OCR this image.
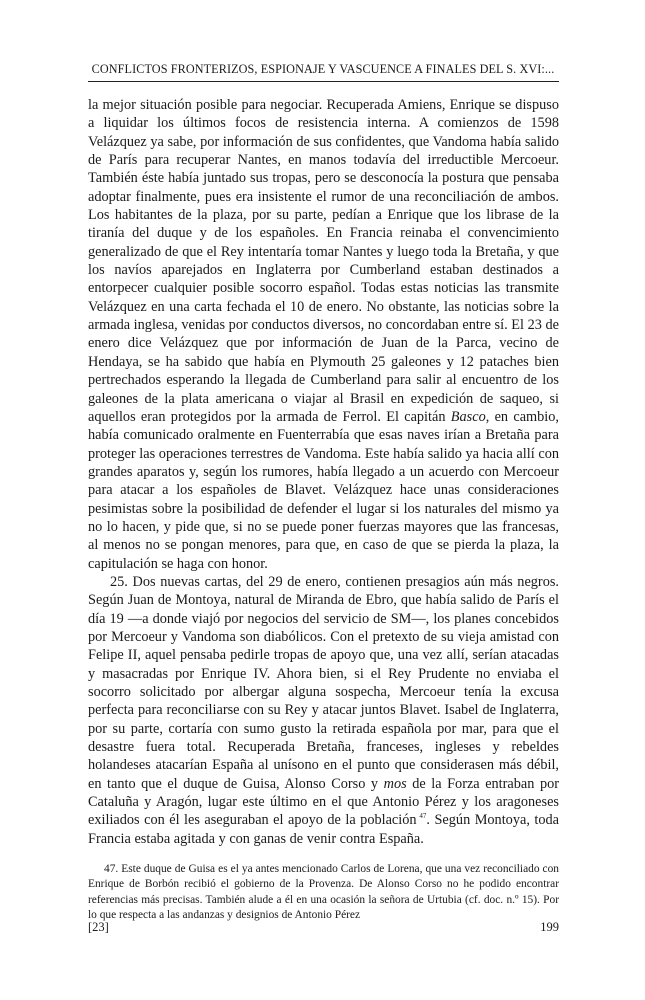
CONFLICTOS FRONTERIZOS, ESPIONAJE Y VASCUENCE A FINALES DEL S. XVI:...

la mejor situación posible para negociar. Recuperada Amiens, Enrique se dispuso a liquidar los últimos focos de resistencia interna. A comienzos de 1598 Velázquez ya sabe, por información de sus confidentes, que Vandoma había salido de París para recuperar Nantes, en manos todavía del irreductible Mercoeur. También éste había juntado sus tropas, pero se desconocía la postura que pensaba adoptar finalmente, pues era insistente el rumor de una reconciliación de ambos. Los habitantes de la plaza, por su parte, pedían a Enrique que los librase de la tiranía del duque y de los españoles. En Francia reinaba el convencimiento generalizado de que el Rey intentaría tomar Nantes y luego toda la Bretaña, y que los navíos aparejados en Inglaterra por Cumberland estaban destinados a entorpecer cualquier posible socorro español. Todas estas noticias las transmite Velázquez en una carta fechada el 10 de enero. No obstante, las noticias sobre la armada inglesa, venidas por conductos diversos, no concordaban entre sí. El 23 de enero dice Velázquez que por información de Juan de la Parca, vecino de Hendaya, se ha sabido que había en Plymouth 25 galeones y 12 pataches bien pertrechados esperando la llegada de Cumberland para salir al encuentro de los galeones de la plata americana o viajar al Brasil en expedición de saqueo, si aquellos eran protegidos por la armada de Ferrol. El capitán Basco, en cambio, había comunicado oralmente en Fuenterrabía que esas naves irían a Bretaña para proteger las operaciones terrestres de Vandoma. Este había salido ya hacia allí con grandes aparatos y, según los rumores, había llegado a un acuerdo con Mercoeur para atacar a los españoles de Blavet. Velázquez hace unas consideraciones pesimistas sobre la posibilidad de defender el lugar si los naturales del mismo ya no lo hacen, y pide que, si no se puede poner fuerzas mayores que las francesas, al menos no se pongan menores, para que, en caso de que se pierda la plaza, la capitulación se haga con honor.

25. Dos nuevas cartas, del 29 de enero, contienen presagios aún más negros. Según Juan de Montoya, natural de Miranda de Ebro, que había salido de París el día 19 —a donde viajó por negocios del servicio de SM—, los planes concebidos por Mercoeur y Vandoma son diabólicos. Con el pretexto de su vieja amistad con Felipe II, aquel pensaba pedirle tropas de apoyo que, una vez allí, serían atacadas y masacradas por Enrique IV. Ahora bien, si el Rey Prudente no enviaba el socorro solicitado por albergar alguna sospecha, Mercoeur tenía la excusa perfecta para reconciliarse con su Rey y atacar juntos Blavet. Isabel de Inglaterra, por su parte, cortaría con sumo gusto la retirada española por mar, para que el desastre fuera total. Recuperada Bretaña, franceses, ingleses y rebeldes holandeses atacarían España al unísono en el punto que considerasen más débil, en tanto que el duque de Guisa, Alonso Corso y mos de la Forza entraban por Cataluña y Aragón, lugar este último en el que Antonio Pérez y los aragoneses exiliados con él les aseguraban el apoyo de la población  $^{47}$. Según Montoya, toda Francia estaba agitada y con ganas de venir contra España.

47. Este duque de Guisa es el ya antes mencionado Carlos de Lorena, que una vez reconciliado con Enrique de Borbón recibió el gobierno de la Provenza. De Alonso Corso no he podido encontrar referencias más precisas. También alude a él en una ocasión la señora de Urtubia (cf. doc. n.º 15). Por lo que respecta a las andanzas y designios de Antonio Pérez

[23]	199
